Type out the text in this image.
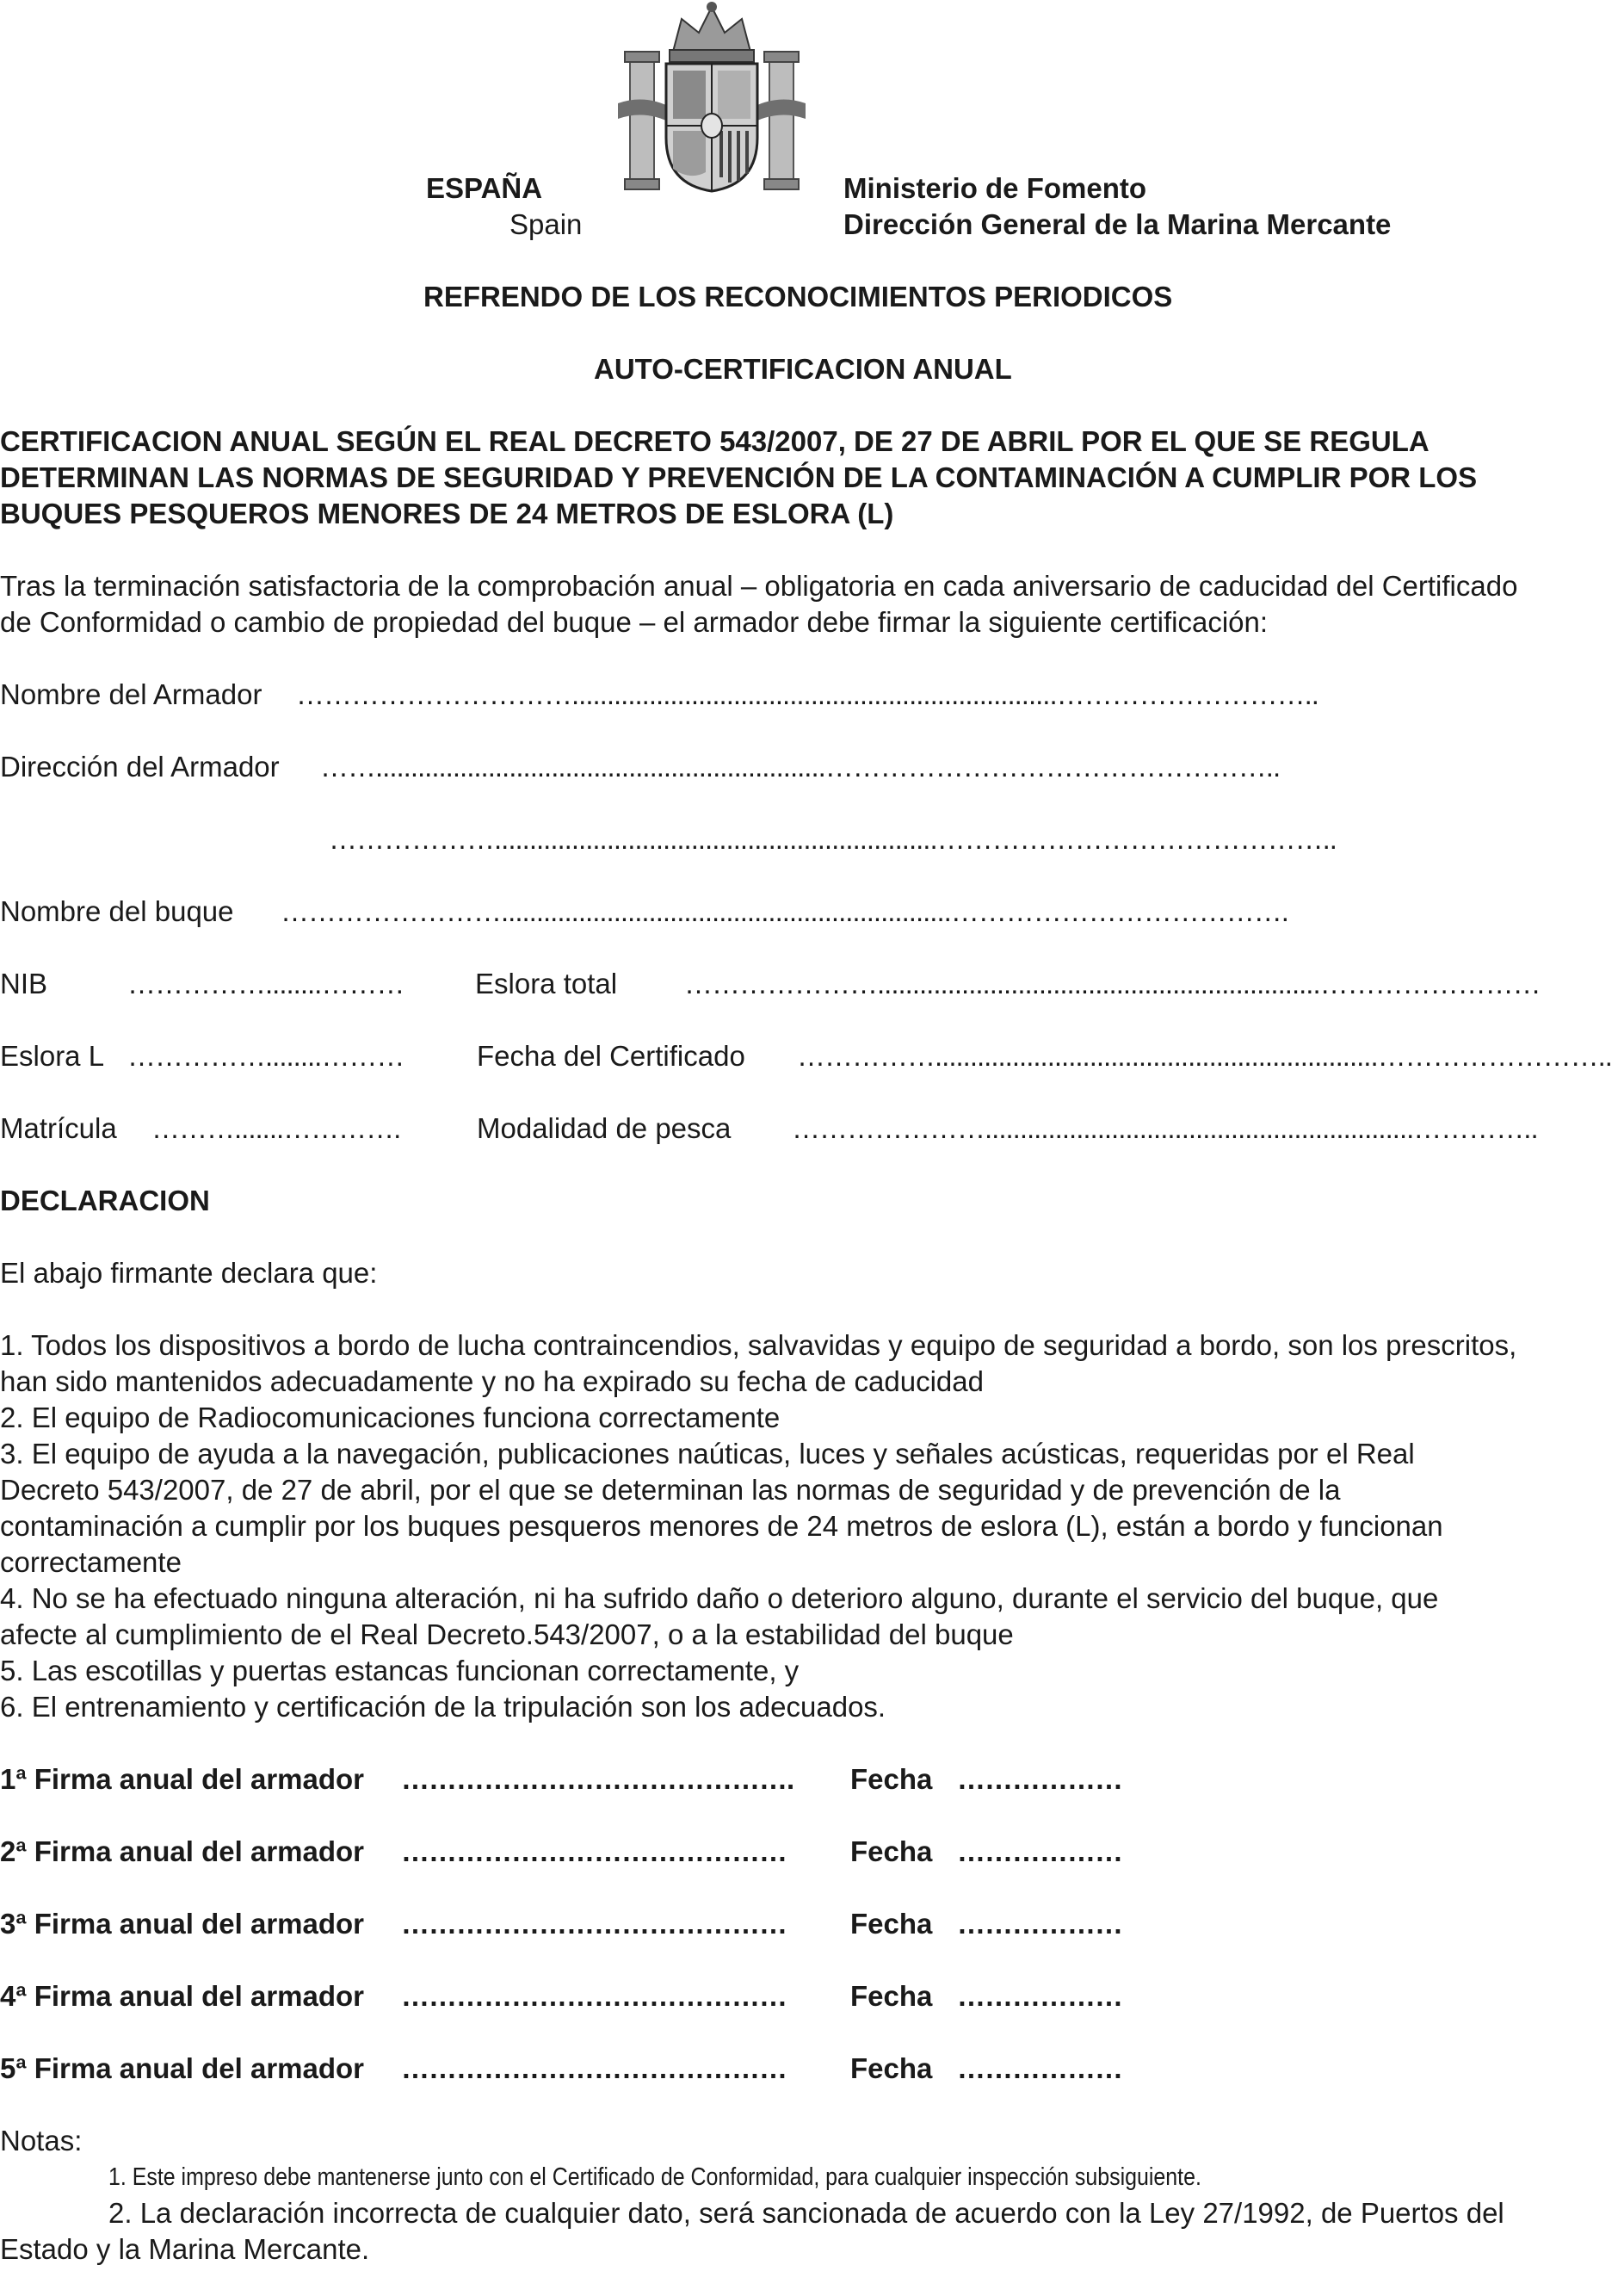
ESPAÑA
Spain
Ministerio de Fomento
Dirección General de la Marina Mercante
REFRENDO DE LOS RECONOCIMIENTOS PERIODICOS
AUTO-CERTIFICACION ANUAL
CERTIFICACION ANUAL SEGÚN EL REAL DECRETO 543/2007, DE 27 DE ABRIL POR EL QUE SE REGULA
DETERMINAN LAS NORMAS DE SEGURIDAD Y PREVENCIÓN DE LA CONTAMINACIÓN A CUMPLIR POR LOS
BUQUES PESQUEROS MENORES DE 24 METROS DE ESLORA (L)
Tras la terminación satisfactoria de la comprobación anual – obligatoria en cada aniversario de caducidad del Certificado
de Conformidad o cambio de propiedad del buque – el armador debe firmar la siguiente certificación:
Nombre del Armador ………………………….....................................................................………………………..
Dirección del Armador ……................................................................…………………………………………..
………………...............................................................……………………………………..
Nombre del buque ……………………................................................................……………………………….
NIB	……………........………	Eslora total …………………...............................................................……………………
Eslora L ……………........………	Fecha del Certificado ……………...............................................................……………………..
Matrícula ……….......………….	Modalidad de pesca ………………….............................................................…………..
DECLARACION
El abajo firmante declara que:
1. Todos los dispositivos a bordo de lucha contraincendios, salvavidas y equipo de seguridad a bordo, son los prescritos,
han sido mantenidos adecuadamente y no ha expirado su fecha de caducidad
2. El equipo de Radiocomunicaciones funciona correctamente
3. El equipo de ayuda a la navegación, publicaciones naúticas, luces y señales acústicas, requeridas por el Real
Decreto 543/2007, de 27 de abril, por el que se determinan las normas de seguridad y de prevención de la
contaminación a cumplir por los buques pesqueros menores de 24 metros de eslora (L), están a bordo y funcionan
correctamente
4. No se ha efectuado ninguna alteración, ni ha sufrido daño o deterioro alguno, durante el servicio del buque, que
afecte al cumplimiento de el Real Decreto.543/2007, o a la estabilidad del buque
5. Las escotillas y puertas estancas funcionan correctamente, y
6. El entrenamiento y certificación de la tripulación son los adecuados.
1ª Firma anual del armador ……………………………………. Fecha ………………
2ª Firma anual del armador …………………………………… Fecha ………………
3ª Firma anual del armador …………………………………… Fecha ………………
4ª Firma anual del armador …………………………………… Fecha ………………
5ª Firma anual del armador …………………………………… Fecha ………………
Notas:
1. Este impreso debe mantenerse junto con el Certificado de Conformidad, para cualquier inspección subsiguiente.
2. La declaración incorrecta de cualquier dato, será sancionada de acuerdo con la Ley 27/1992, de Puertos del
Estado y la Marina Mercante.
